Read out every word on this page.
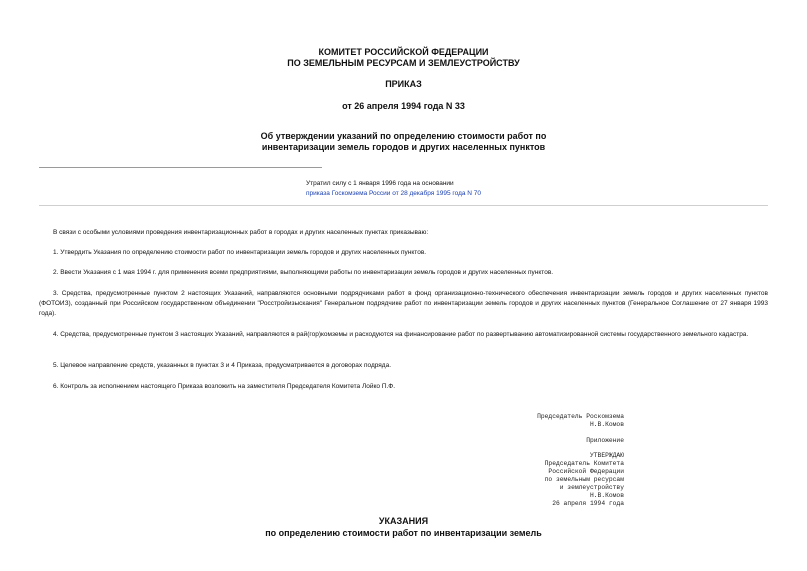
КОМИТЕТ РОССИЙСКОЙ ФЕДЕРАЦИИ
ПО ЗЕМЕЛЬНЫМ РЕСУРСАМ И ЗЕМЛЕУСТРОЙСТВУ
ПРИКАЗ
от 26 апреля 1994 года N 33
Об утверждении указаний по определению стоимости работ по
инвентаризации земель городов и других населенных пунктов
Утратил силу с 1 января 1996 года на основании
приказа Госкомзема России от 28 декабря 1995 года N 70
В связи с особыми условиями проведения инвентаризационных работ в городах и других населенных пунктах приказываю:
1. Утвердить Указания по определению стоимости работ по инвентаризации земель городов и других населенных пунктов.
2. Ввести Указания с 1 мая 1994 г. для применения всеми предприятиями, выполняющими работы по инвентаризации земель городов и других населенных пунктов.
3. Средства, предусмотренные пунктом 2 настоящих Указаний, направляются основными подрядчиками работ в фонд организационно-технического обеспечения инвентаризации земель городов и других населенных пунктов (ФОТОИЗ), созданный при Российском государственном объединении "Росстройизыскания" Генеральном подрядчике работ по инвентаризации земель городов и других населенных пунктов (Генеральное Соглашение от 27 января 1993 года).
4. Средства, предусмотренные пунктом 3 настоящих Указаний, направляются в рай(гор)комземы и расходуются на финансирование работ по развертыванию автоматизированной системы государственного земельного кадастра.
5. Целевое направление средств, указанных в пунктах 3 и 4 Приказа, предусматривается в договорах подряда.
6. Контроль за исполнением настоящего Приказа возложить на заместителя Председателя Комитета Лойко П.Ф.
Председатель Роскомзема
Н.В.Комов
Приложение
УТВЕРЖДАЮ
Председатель Комитета
Российской Федерации
по земельным ресурсам
и землеустройству
Н.В.Комов
26 апреля 1994 года
УКАЗАНИЯ
по определению стоимости работ по инвентаризации земель
